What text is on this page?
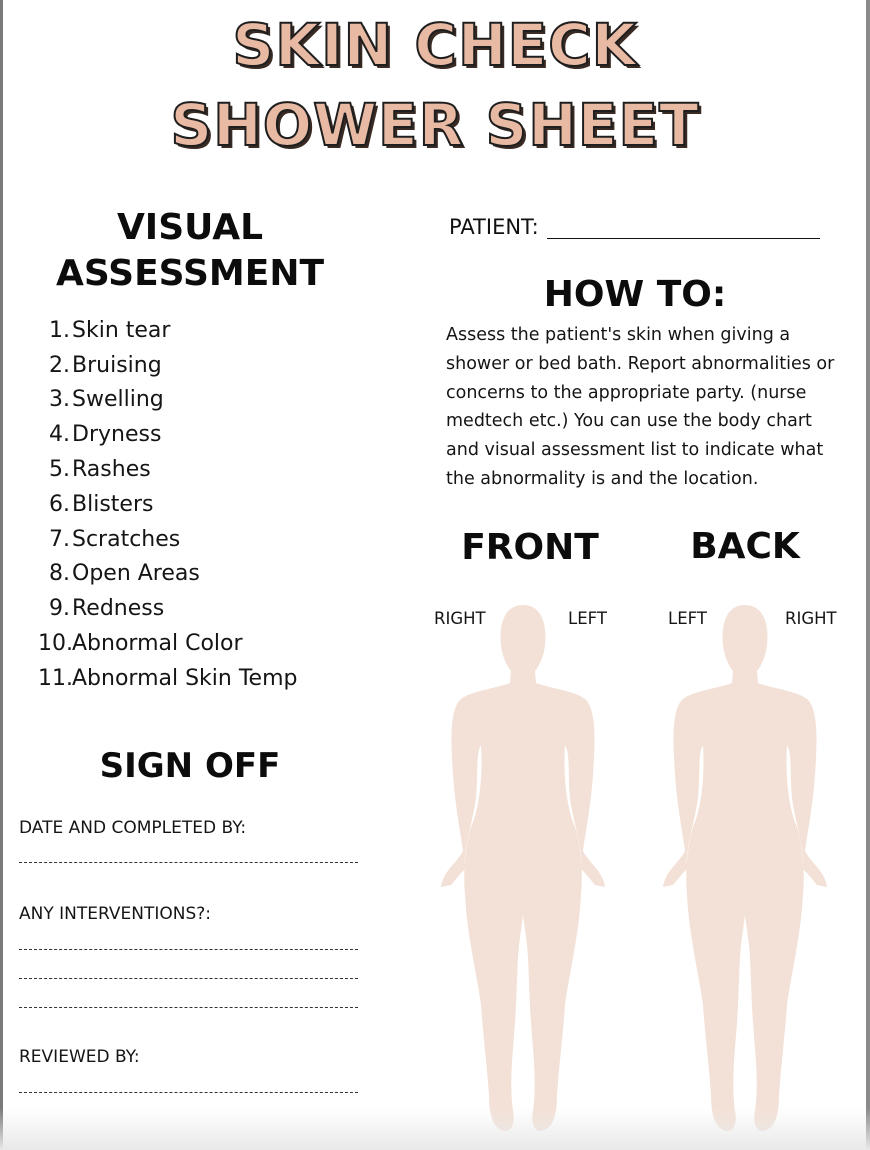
SKIN CHECK
SHOWER SHEET
VISUAL
ASSESSMENT
1. Skin tear
2. Bruising
3. Swelling
4. Dryness
5. Rashes
6. Blisters
7. Scratches
8. Open Areas
9. Redness
10. Abnormal Color
11. Abnormal Skin Temp
PATIENT:
HOW TO:

Assess the patient's skin when giving a shower or bed bath. Report abnormalities or concerns to the appropriate party. (nurse medtech etc.) You can use the body chart and visual assessment list to indicate what the abnormality is and the location.

FRONT	BACK
RIGHT	LEFT	LEFT	RIGHT
SIGN OFF
DATE AND COMPLETED BY:
ANY INTERVENTIONS?:
REVIEWED BY:
